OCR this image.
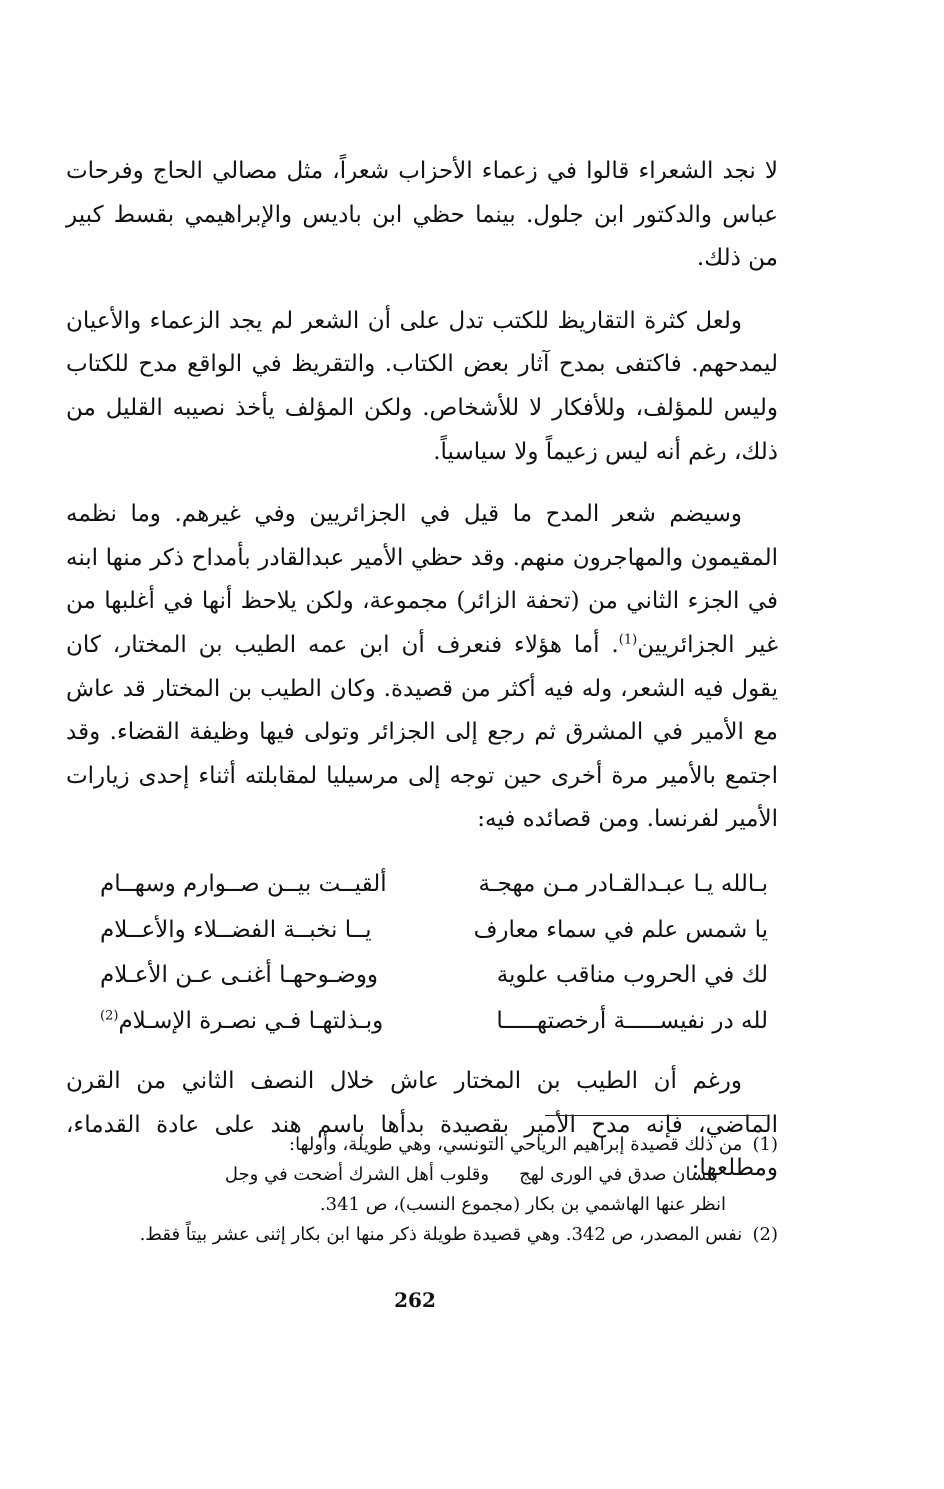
لا نجد الشعراء قالوا في زعماء الأحزاب شعراً، مثل مصالي الحاج وفرحات عباس والدكتور ابن جلول. بينما حظي ابن باديس والإبراهيمي بقسط كبير من ذلك.

ولعل كثرة التقاريظ للكتب تدل على أن الشعر لم يجد الزعماء والأعيان ليمدحهم. فاكتفى بمدح آثار بعض الكتاب. والتقريظ في الواقع مدح للكتاب وليس للمؤلف، وللأفكار لا للأشخاص. ولكن المؤلف يأخذ نصيبه القليل من ذلك، رغم أنه ليس زعيماً ولا سياسياً.

وسيضم شعر المدح ما قيل في الجزائريين وفي غيرهم. وما نظمه المقيمون والمهاجرون منهم. وقد حظي الأمير عبدالقادر بأمداح ذكر منها ابنه في الجزء الثاني من (تحفة الزائر) مجموعة، ولكن يلاحظ أنها في أغلبها من غير الجزائريين$^{(1)}$. أما هؤلاء فنعرف أن ابن عمه الطيب بن المختار، كان يقول فيه الشعر، وله فيه أكثر من قصيدة. وكان الطيب بن المختار قد عاش مع الأمير في المشرق ثم رجع إلى الجزائر وتولى فيها وظيفة القضاء. وقد اجتمع بالأمير مرة أخرى حين توجه إلى مرسيليا لمقابلته أثناء إحدى زيارات الأمير لفرنسا. ومن قصائده فيه:

بـالله يـا عبـدالقـادر مـن مهجـة
ألقيــت بيــن صــوارم وسهــام
يا شمس علم في سماء معارف
يــا نخبــة الفضــلاء والأعــلام
لك في الحروب مناقب علوية
ووضـوحهـا أغنـى عـن الأعـلام
لله در نفيســـــة أرخصتهـــــا
وبـذلتهـا فـي نصـرة الإسـلام$^{(2)}$

ورغم أن الطيب بن المختار عاش خلال النصف الثاني من القرن الماضي، فإنه مدح الأمير بقصيدة بدأها باسم هند على عادة القدماء، ومطلعها:

(1) من ذلك قصيدة إبراهيم الرياحي التونسي، وهي طويلة، وأولها:

بلسان صدق في الورى لهج
وقلوب أهل الشرك أضحت في وجل

انظر عنها الهاشمي بن بكار (مجموع النسب)، ص 341.

(2) نفس المصدر، ص 342. وهي قصيدة طويلة ذكر منها ابن بكار إثنى عشر بيتاً فقط.

262
